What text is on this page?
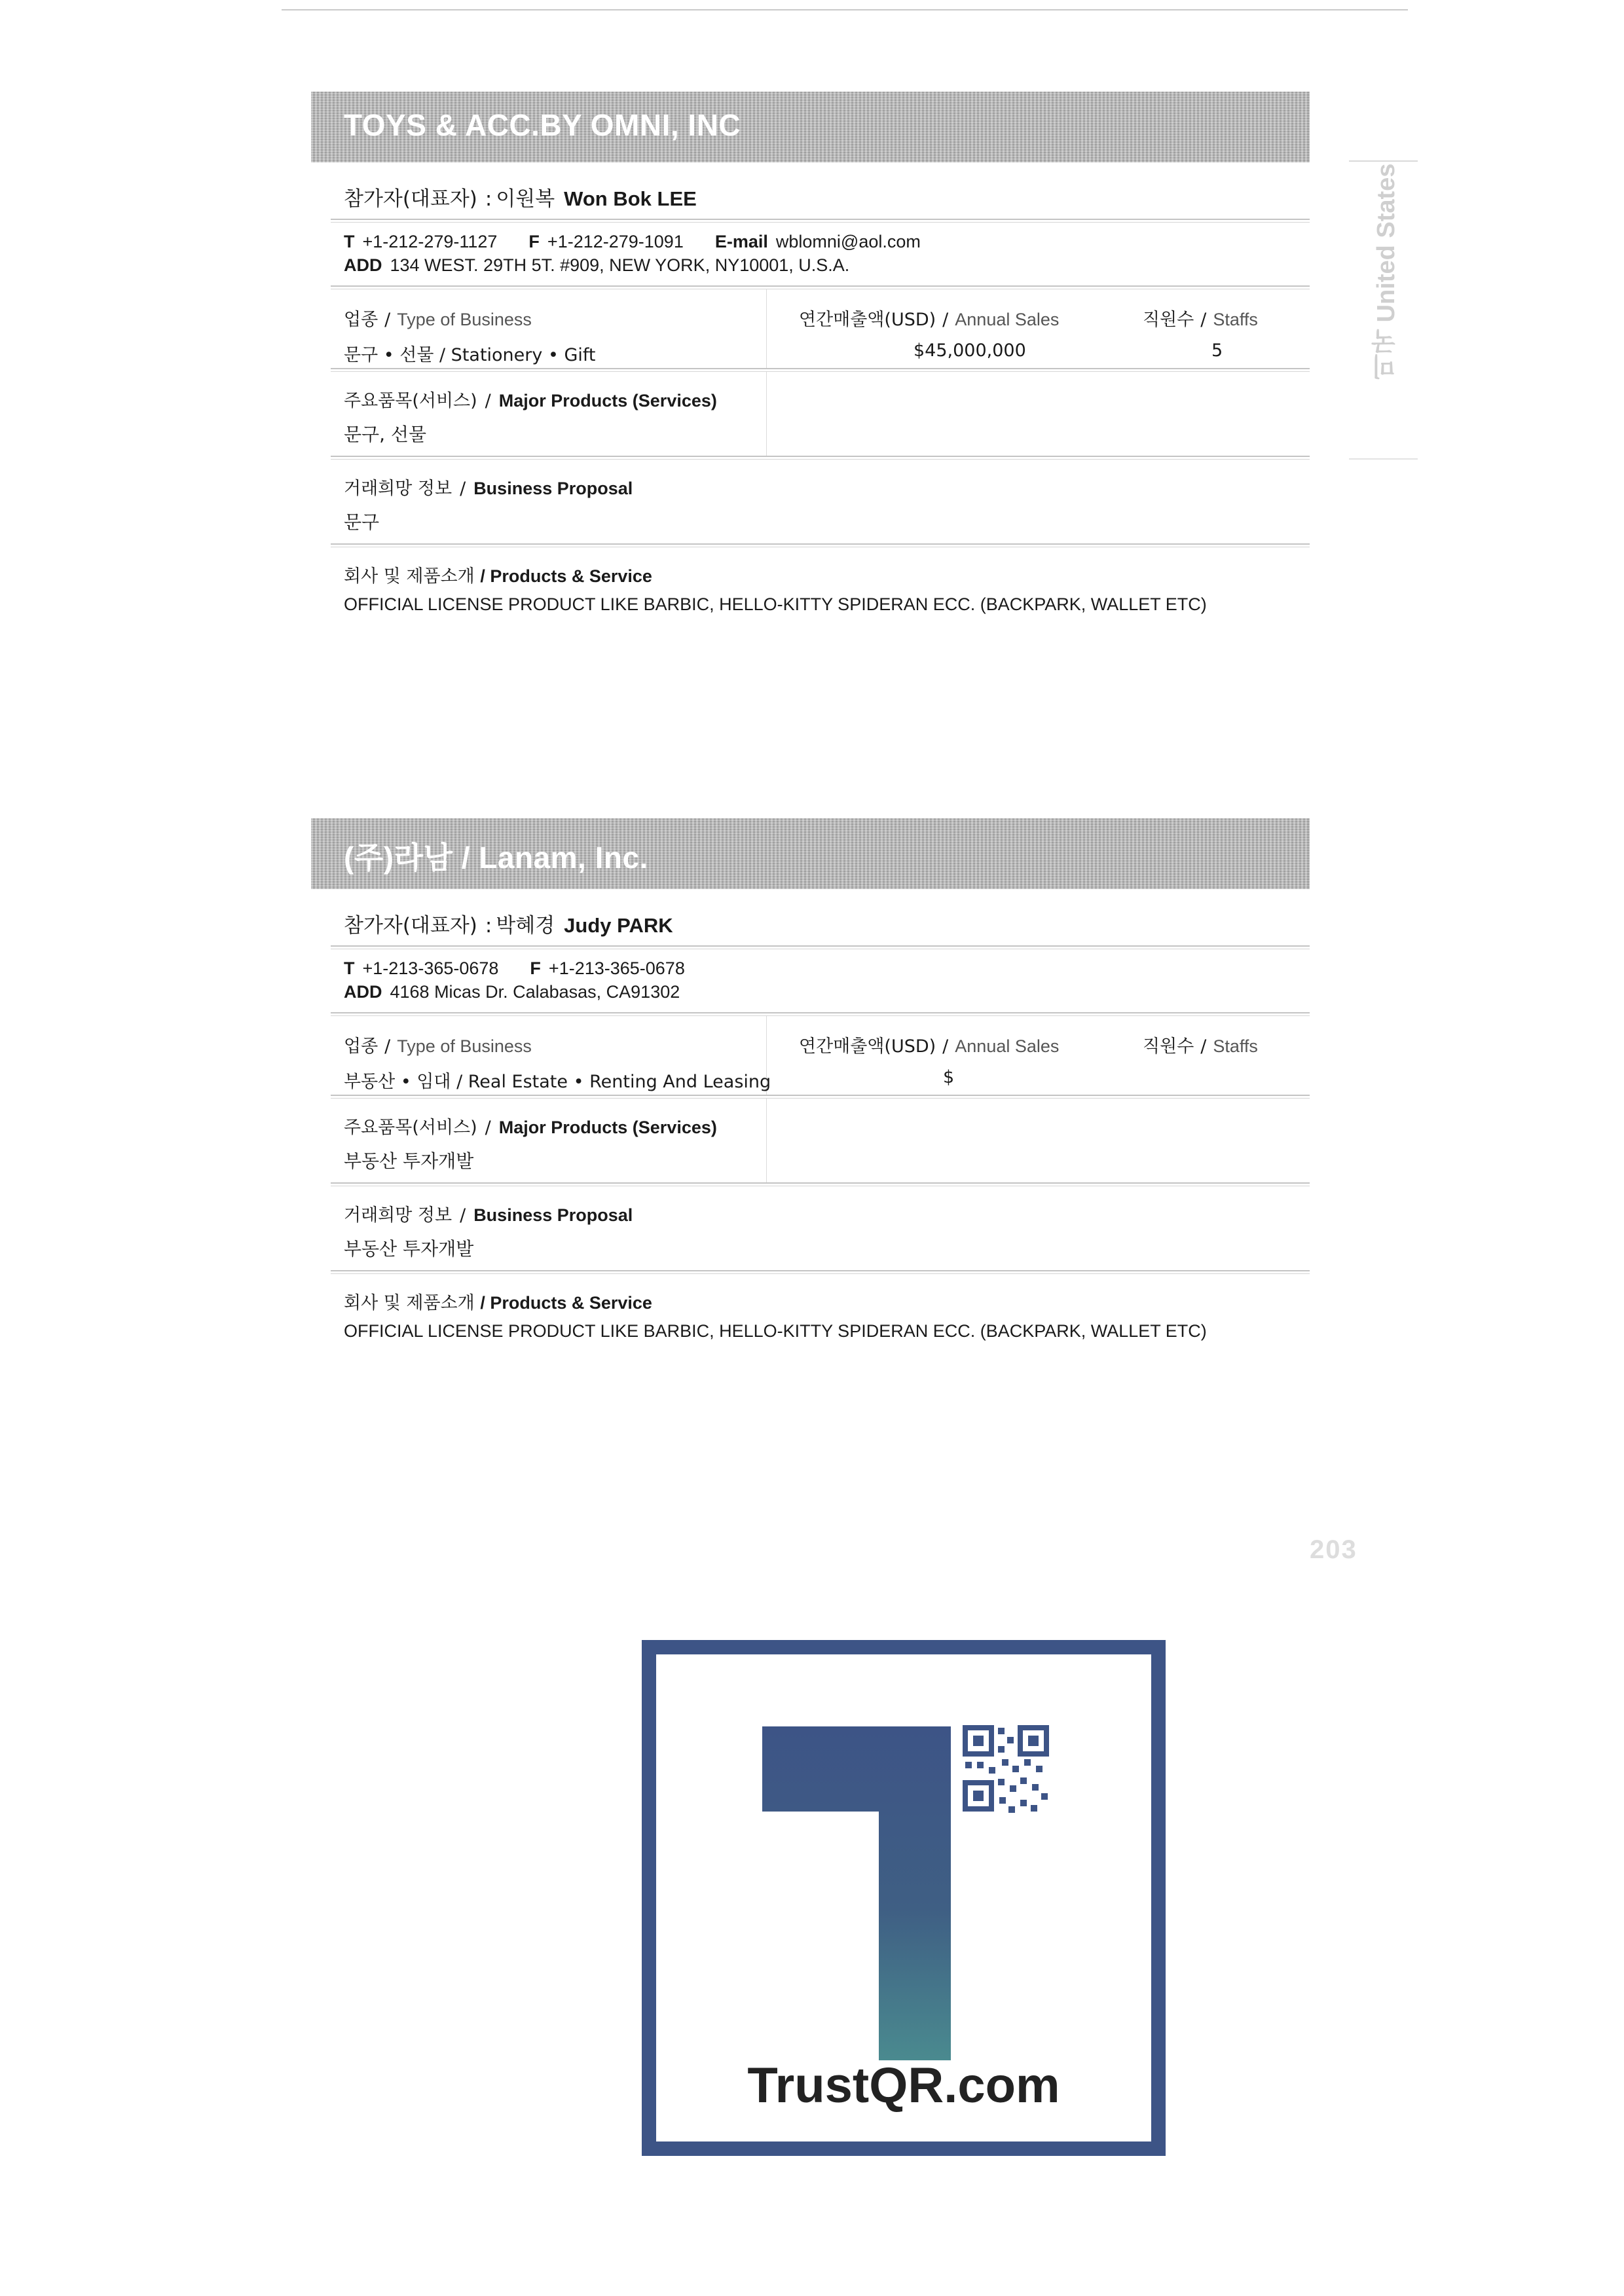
미국 United States
TOYS & ACC.BY OMNI, INC
참가자(대표자) : 이원복 Won Bok LEE
T +1-212-279-1127 F +1-212-279-1091 E-mail wblomni@aol.com
ADD 134 WEST. 29TH 5T. #909, NEW YORK, NY10001, U.S.A.
업종 / Type of Business
문구 • 선물 / Stationery • Gift
연간매출액(USD) / Annual Sales
$45,000,000
직원수 / Staffs
5
주요품목(서비스) / Major Products (Services)
문구, 선물
거래희망 정보 / Business Proposal
문구
회사 및 제품소개 / Products & Service
OFFICIAL LICENSE PRODUCT LIKE BARBIC, HELLO-KITTY SPIDERAN ECC. (BACKPARK, WALLET ETC)
(주)라남 / Lanam, Inc.
참가자(대표자) : 박혜경 Judy PARK
T +1-213-365-0678 F +1-213-365-0678
ADD 4168 Micas Dr. Calabasas, CA91302
업종 / Type of Business
부동산 • 임대 / Real Estate • Renting And Leasing
연간매출액(USD) / Annual Sales
$
직원수 / Staffs
주요품목(서비스) / Major Products (Services)
부동산 투자개발
거래희망 정보 / Business Proposal
부동산 투자개발
회사 및 제품소개 / Products & Service
OFFICIAL LICENSE PRODUCT LIKE BARBIC, HELLO-KITTY SPIDERAN ECC. (BACKPARK, WALLET ETC)
203
TrustQR.com
